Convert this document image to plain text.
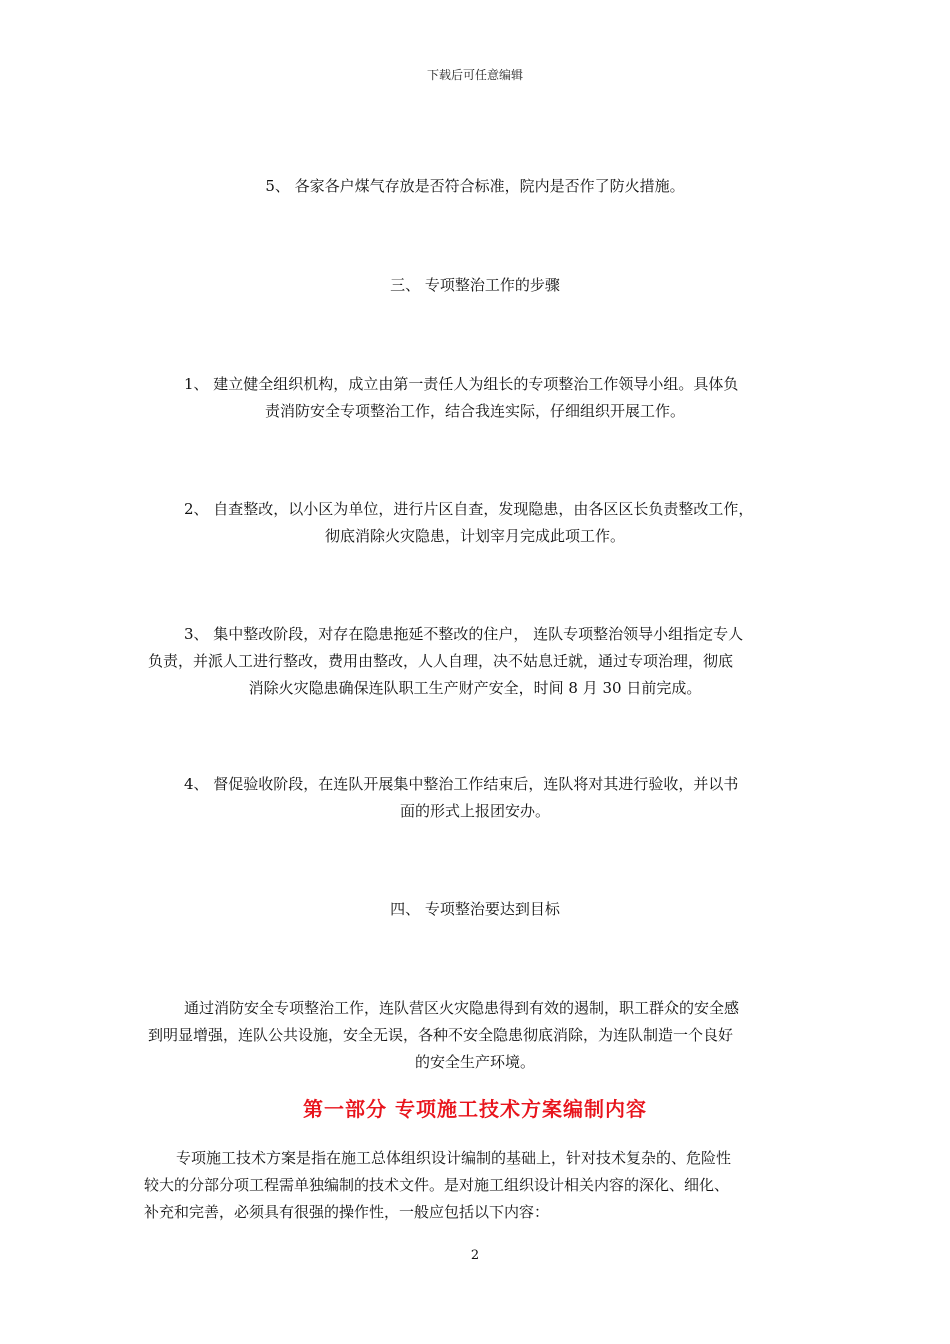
下载后可任意编辑
5、 各家各户煤气存放是否符合标准，院内是否作了防火措施。
三、 专项整治工作的步骤
1、 建立健全组织机构，成立由第一责任人为组长的专项整治工作领导小组。具体负
责消防安全专项整治工作，结合我连实际，仔细组织开展工作。
2、 自查整改，以小区为单位，进行片区自查，发现隐患，由各区区长负责整改工作，
彻底消除火灾隐患，计划宰月完成此项工作。
3、 集中整改阶段，对存在隐患拖延不整改的住户， 连队专项整治领导小组指定专人
负责，并派人工进行整改，费用由整改，人人自理，决不姑息迁就，通过专项治理，彻底
消除火灾隐患确保连队职工生产财产安全，时间 8 月 30 日前完成。
4、 督促验收阶段，在连队开展集中整治工作结束后，连队将对其进行验收，并以书
面的形式上报团安办。
四、 专项整治要达到目标
通过消防安全专项整治工作，连队营区火灾隐患得到有效的遏制，职工群众的安全感
到明显增强，连队公共设施，安全无误，各种不安全隐患彻底消除，为连队制造一个良好
的安全生产环境。
第一部分 专项施工技术方案编制内容
专项施工技术方案是指在施工总体组织设计编制的基础上，针对技术复杂的、危险性
较大的分部分项工程需单独编制的技术文件。是对施工组织设计相关内容的深化、细化、
补充和完善，必须具有很强的操作性，一般应包括以下内容：
2
